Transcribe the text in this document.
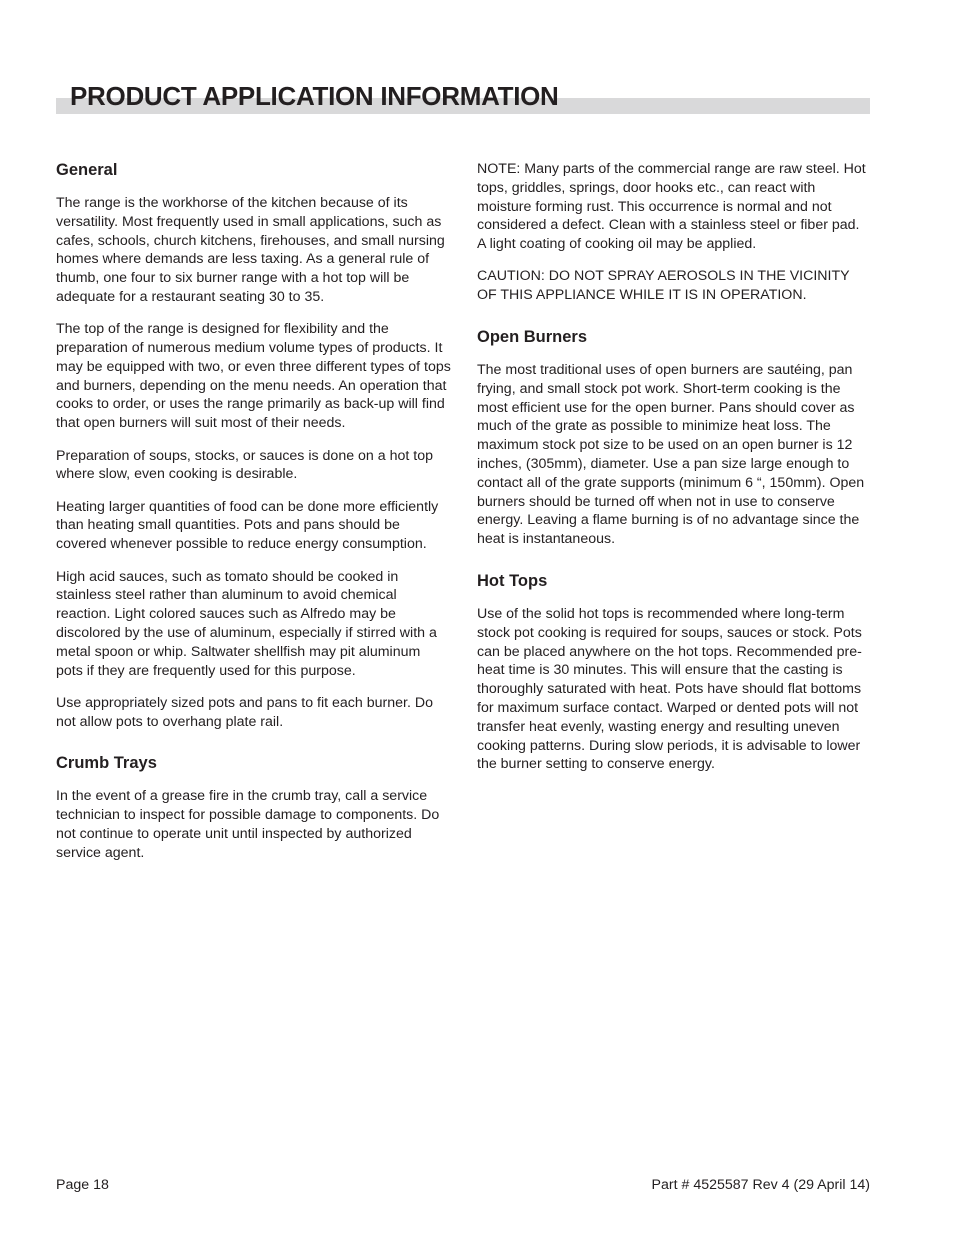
PRODUCT APPLICATION INFORMATION
General

The range is the workhorse of the kitchen because of its versatility. Most frequently used in small applications, such as cafes, schools, church kitchens, firehouses, and small nursing homes where demands are less taxing. As a general rule of thumb, one four to six burner range with a hot top will be adequate for a restaurant seating 30 to 35.

The top of the range is designed for flexibility and the preparation of numerous medium volume types of products. It may be equipped with two, or even three different types of tops and burners, depending on the menu needs. An operation that cooks to order, or uses the range primarily as back-up will find that open burners will suit most of their needs.

Preparation of soups, stocks, or sauces is done on a hot top where slow, even cooking is desirable.

Heating larger quantities of food can be done more efficiently than heating small quantities. Pots and pans should be covered whenever possible to reduce energy consumption.

High acid sauces, such as tomato should be cooked in stainless steel rather than aluminum to avoid chemical reaction. Light colored sauces such as Alfredo may be discolored by the use of aluminum, especially if stirred with a metal spoon or whip. Saltwater shellfish may pit aluminum pots if they are frequently used for this purpose.

Use appropriately sized pots and pans to fit each burner. Do not allow pots to overhang plate rail.

Crumb Trays

In the event of a grease fire in the crumb tray, call a service technician to inspect for possible damage to components. Do not continue to operate unit until inspected by authorized service agent.

NOTE: Many parts of the commercial range are raw steel. Hot tops, griddles, springs, door hooks etc., can react with moisture forming rust. This occurrence is normal and not considered a defect. Clean with a stainless steel or fiber pad. A light coating of cooking oil may be applied.

CAUTION: DO NOT SPRAY AEROSOLS IN THE VICINITY OF THIS APPLIANCE WHILE IT IS IN OPERATION.

Open Burners

The most traditional uses of open burners are sautéing, pan frying, and small stock pot work. Short-term cooking is the most efficient use for the open burner. Pans should cover as much of the grate as possible to minimize heat loss. The maximum stock pot size to be used on an open burner is 12 inches, (305mm), diameter. Use a pan size large enough to contact all of the grate supports (minimum 6 “, 150mm). Open burners should be turned off when not in use to conserve energy. Leaving a flame burning is of no advantage since the heat is instantaneous.

Hot Tops

Use of the solid hot tops is recommended where long-term stock pot cooking is required for soups, sauces or stock. Pots can be placed anywhere on the hot tops. Recommended pre-heat time is 30 minutes. This will ensure that the casting is thoroughly saturated with heat. Pots have should flat bottoms for maximum surface contact. Warped or dented pots will not transfer heat evenly, wasting energy and resulting uneven cooking patterns. During slow periods, it is advisable to lower the burner setting to conserve energy.

Page 18	Part # 4525587 Rev 4 (29 April 14)
